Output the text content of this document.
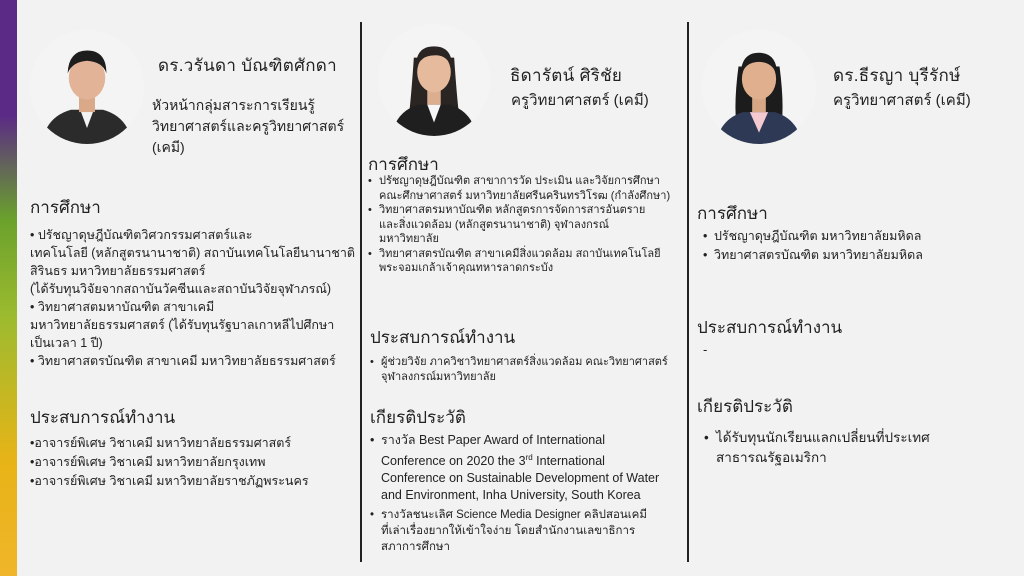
ดร.วรันดา บัณฑิตศักดา
หัวหน้ากลุ่มสาระการเรียนรู้
วิทยาศาสตร์และครูวิทยาศาสตร์
(เคมี)
การศึกษา
• ปรัชญาดุษฎีบัณฑิตวิศวกรรมศาสตร์และ
เทคโนโลยี (หลักสูตรนานาชาติ) สถาบันเทคโนโลยีนานาชาติ
สิรินธร มหาวิทยาลัยธรรมศาสตร์
(ได้รับทุนวิจัยจากสถาบันวัคซีนและสถาบันวิจัยจุฬาภรณ์)
• วิทยาศาสตมหาบัณฑิต สาขาเคมี
มหาวิทยาลัยธรรมศาสตร์ (ได้รับทุนรัฐบาลเกาหลีไปศึกษา
เป็นเวลา 1 ปี)
• วิทยาศาสตรบัณฑิต สาขาเคมี มหาวิทยาลัยธรรมศาสตร์
ประสบการณ์ทำงาน
•อาจารย์พิเศษ วิชาเคมี มหาวิทยาลัยธรรมศาสตร์
•อาจารย์พิเศษ วิชาเคมี มหาวิทยาลัยกรุงเทพ
•อาจารย์พิเศษ วิชาเคมี มหาวิทยาลัยราชภัฏพระนคร
ธิดารัตน์ ศิริชัย
ครูวิทยาศาสตร์ (เคมี)
การศึกษา
• ปรัชญาดุษฎีบัณฑิต สาขาการวัด ประเมิน และวิจัยการศึกษา
คณะศึกษาศาสตร์ มหาวิทยาลัยศรีนครินทรวิโรฒ (กำลังศึกษา)
• วิทยาศาสตรมหาบัณฑิต หลักสูตรการจัดการสารอันตราย
และสิ่งแวดล้อม (หลักสูตรนานาชาติ) จุฬาลงกรณ์
มหาวิทยาลัย
• วิทยาศาสตรบัณฑิต สาขาเคมีสิ่งแวดล้อม สถาบันเทคโนโลยี
พระจอมเกล้าเจ้าคุณทหารลาดกระบัง
ประสบการณ์ทำงาน
• ผู้ช่วยวิจัย ภาควิชาวิทยาศาสตร์สิ่งแวดล้อม คณะวิทยาศาสตร์
จุฬาลงกรณ์มหาวิทยาลัย
เกียรติประวัติ
• รางวัล Best Paper Award of International
Conference on 2020 the 3rd International
Conference on Sustainable Development of Water
and Environment, Inha University, South Korea
• รางวัลชนะเลิศ Science Media Designer คลิปสอนเคมี
ที่เล่าเรื่องยากให้เข้าใจง่าย โดยสำนักงานเลขาธิการ
สภาการศึกษา
ดร.ธีรญา บุรีรักษ์
ครูวิทยาศาสตร์ (เคมี)
การศึกษา
• ปรัชญาดุษฎีบัณฑิต มหาวิทยาลัยมหิดล
• วิทยาศาสตรบัณฑิต มหาวิทยาลัยมหิดล
ประสบการณ์ทำงาน
-
เกียรติประวัติ
• ได้รับทุนนักเรียนแลกเปลี่ยนที่ประเทศ
สาธารณรัฐอเมริกา
